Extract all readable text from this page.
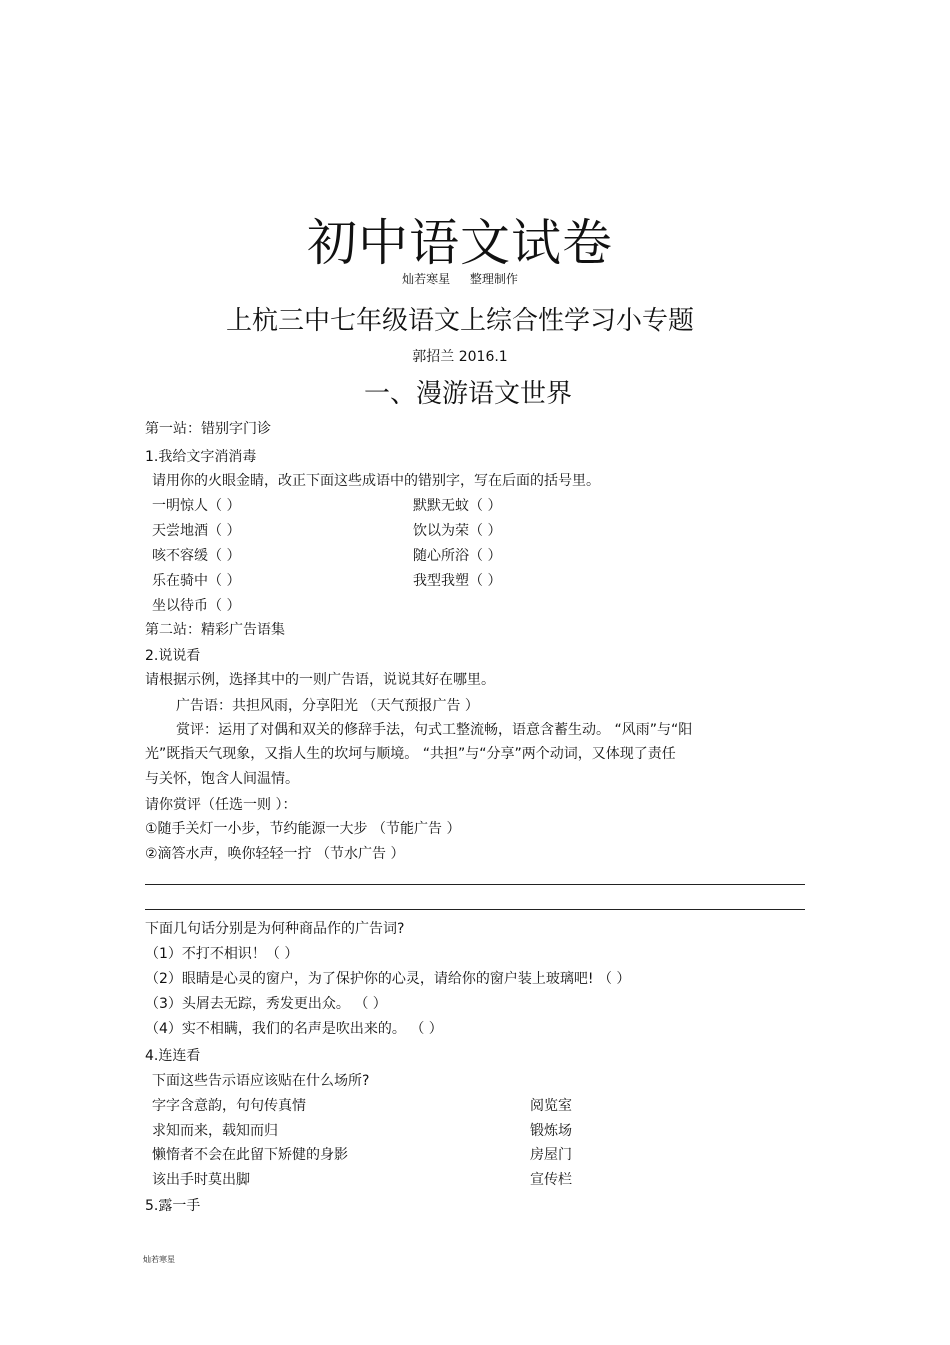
初中语文试卷
灿若寒星 整理制作
上杭三中七年级语文上综合性学习小专题
郭招兰 2016.1
一、漫游语文世界
第一站：错别字门诊
1.我给文字消消毒
请用你的火眼金睛，改正下面这些成语中的错别字，写在后面的括号里。
一明惊人（ ）
天尝地酒（ ）
咳不容缓（ ）
乐在骑中（ ）
坐以待币（ ）
默默无蚊（ ）
饮以为荣（ ）
随心所浴（ ）
我型我塑（ ）
第二站：精彩广告语集
2.说说看
请根据示例，选择其中的一则广告语，说说其好在哪里。
广告语：共担风雨，分享阳光 （天气预报广告 ）
赏评：运用了对偶和双关的修辞手法，句式工整流畅，语意含蓄生动。 “风雨”与“阳
光”既指天气现象，又指人生的坎坷与顺境。 “共担”与“分享”两个动词，又体现了责任
与关怀，饱含人间温情。
请你赏评（任选一则 ）：
①随手关灯一小步，节约能源一大步 （节能广告 ）
②滴答水声，唤你轻轻一拧 （节水广告 ）
下面几句话分别是为何种商品作的广告词?
（1）不打不相识！（ ）
（2）眼睛是心灵的窗户，为了保护你的心灵，请给你的窗户装上玻璃吧! （ ）
（3）头屑去无踪，秀发更出众。 （ ）
（4）实不相瞒，我们的名声是吹出来的。 （ ）
4.连连看
下面这些告示语应该贴在什么场所?
字字含意韵，句句传真情
求知而来，载知而归
懒惰者不会在此留下矫健的身影
该出手时莫出脚
阅览室
锻炼场
房屋门
宣传栏
5.露一手
灿若寒星
